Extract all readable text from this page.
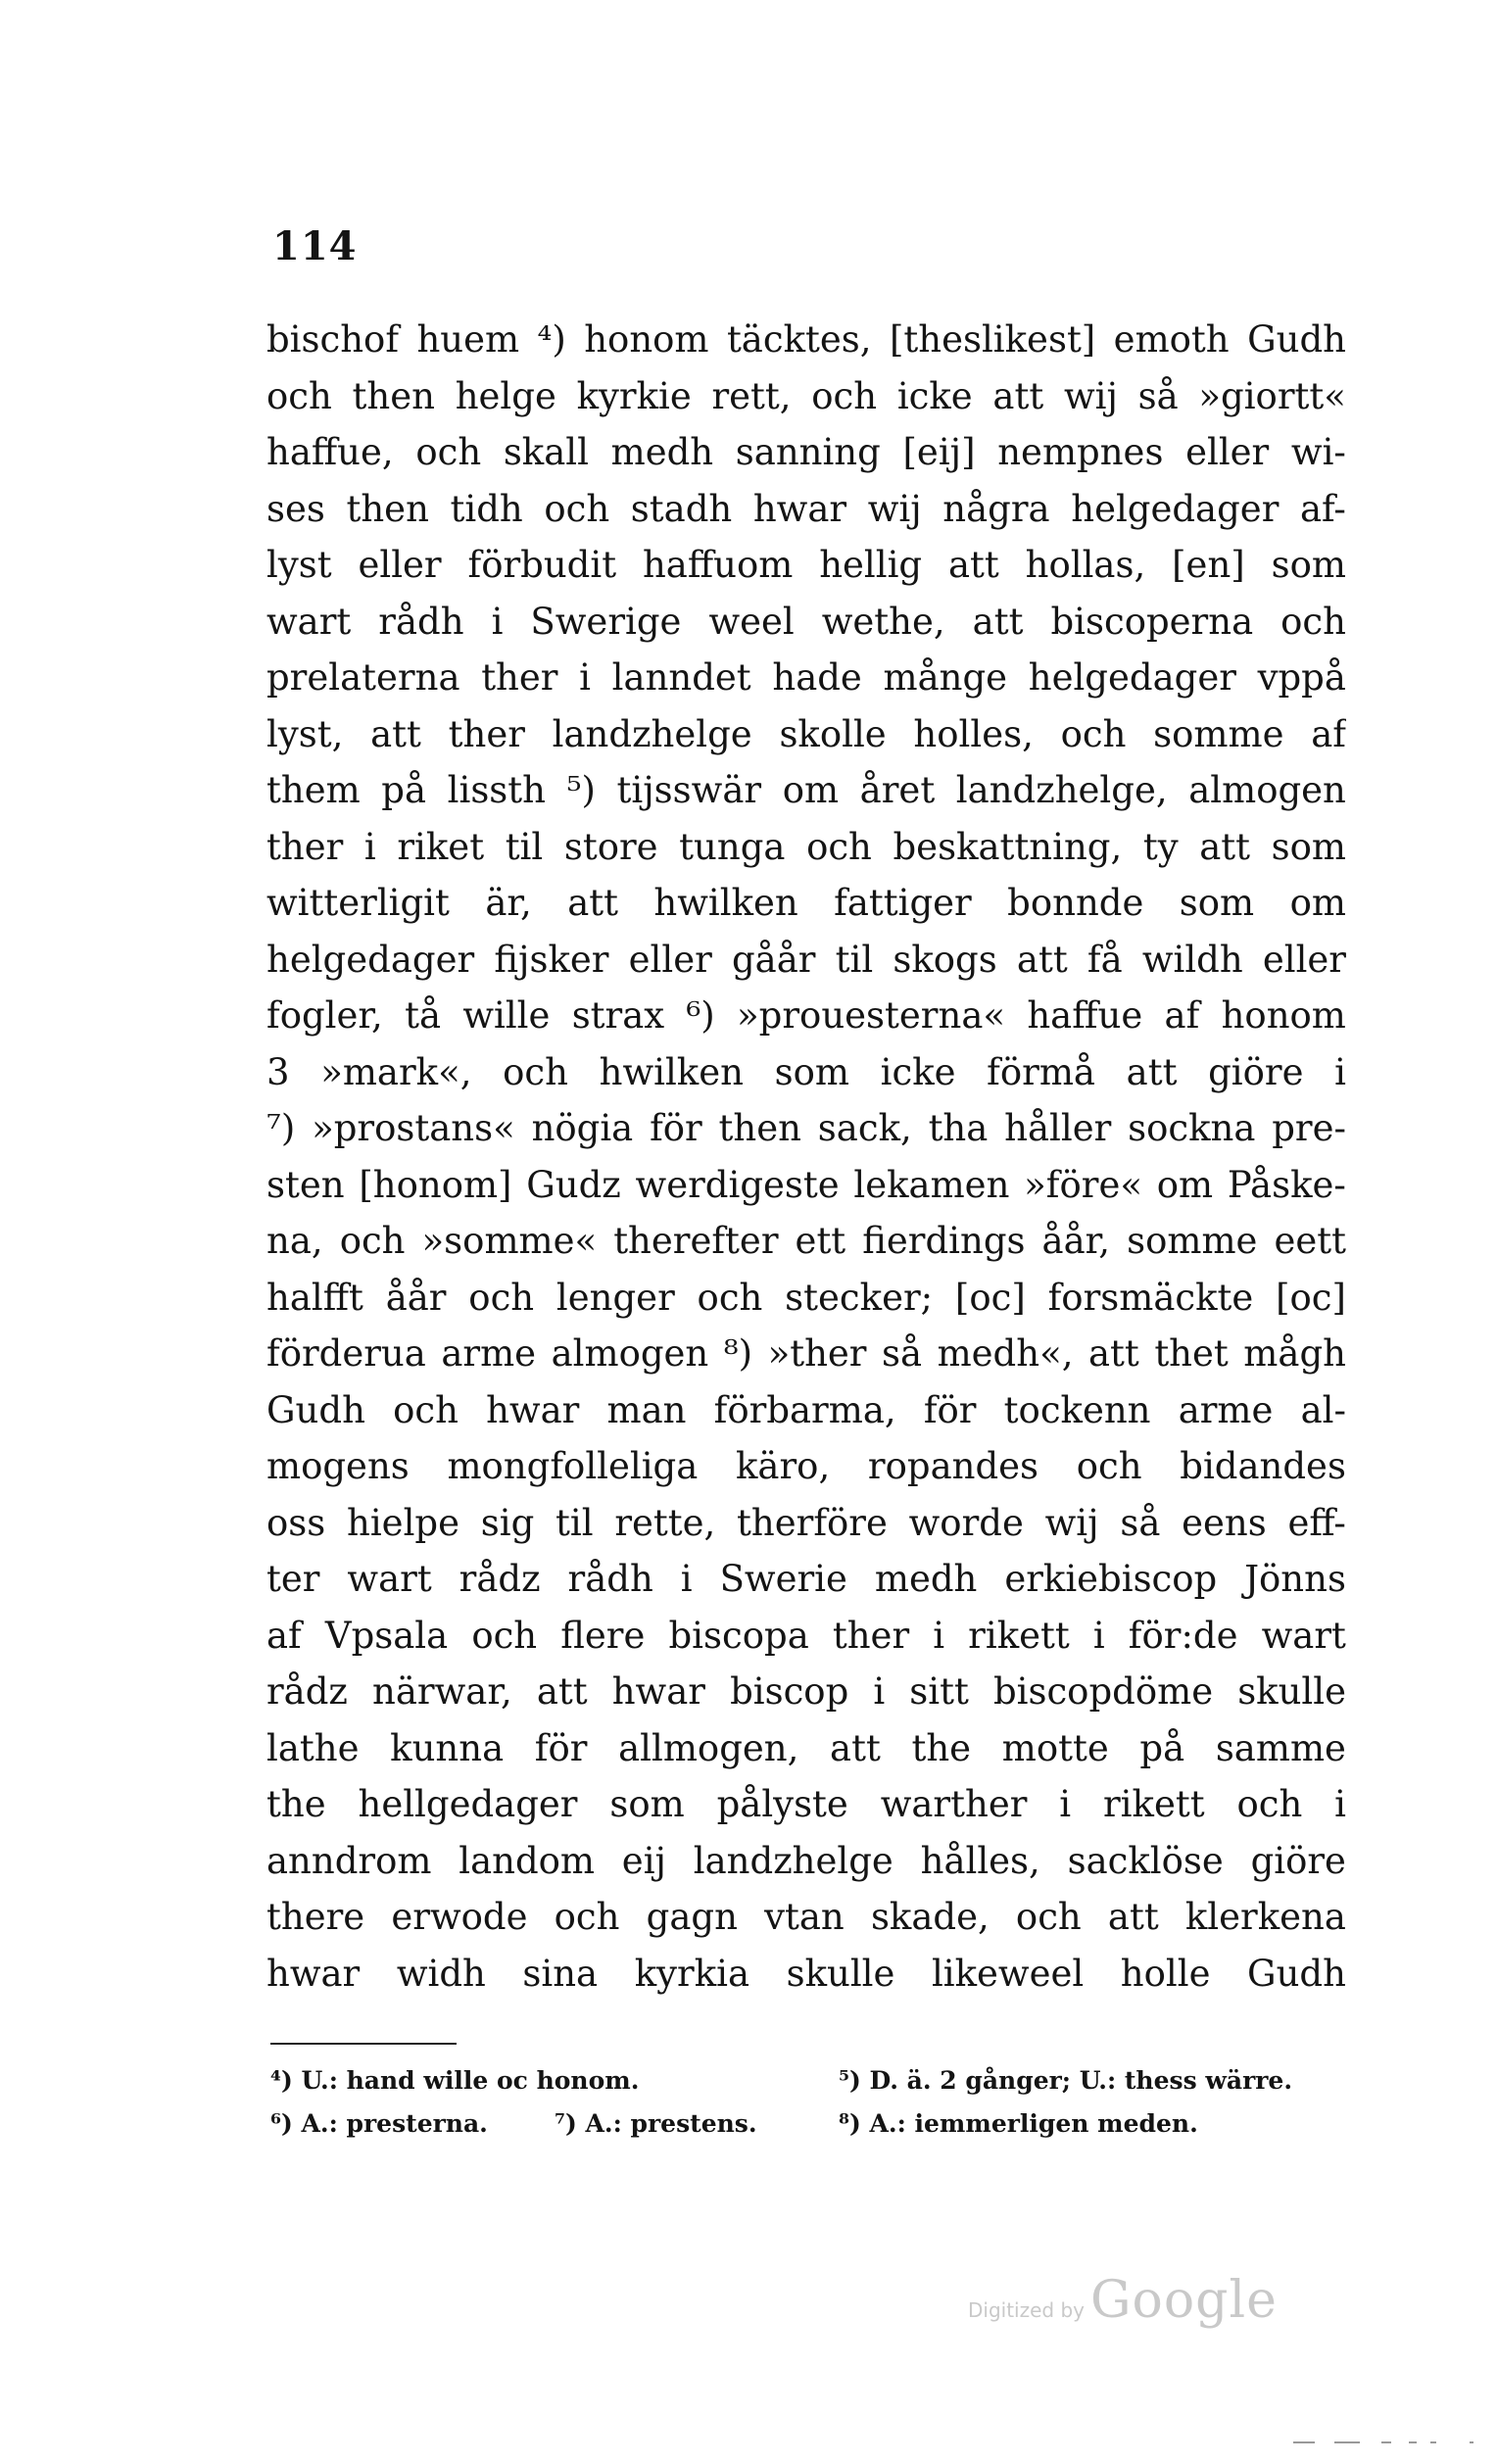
114
bischof huem ⁴) honom täcktes, [theslikest] emoth Gudh
och then helge kyrkie rett, och icke att wij så »giortt«
haffue, och skall medh sanning [eij] nempnes eller wi-
ses then tidh och stadh hwar wij några helgedager af-
lyst eller förbudit haffuom hellig att hollas, [en] som
wart rådh i Swerige weel wethe, att biscoperna och
prelaterna ther i lanndet hade månge helgedager vppå
lyst, att ther landzhelge skolle holles, och somme af
them på lissth ⁵) tijsswär om året landzhelge, almogen
ther i riket til store tunga och beskattning, ty att som
witterligit är, att hwilken fattiger bonnde som om
helgedager fijsker eller gåår til skogs att få wildh eller
fogler, tå wille strax ⁶) »prouesterna« haffue af honom
3 »mark«, och hwilken som icke förmå att giöre i
⁷) »prostans« nögia för then sack, tha håller sockna pre-
sten [honom] Gudz werdigeste lekamen »före« om Påske-
na, och »somme« therefter ett fierdings åår, somme eett
halfft åår och lenger och stecker; [oc] forsmäckte [oc]
förderua arme almogen ⁸) »ther så medh«, att thet mågh
Gudh och hwar man förbarma, för tockenn arme al-
mogens mongfolleliga käro, ropandes och bidandes
oss hielpe sig til rette, therföre worde wij så eens eff-
ter wart rådz rådh i Swerie medh erkiebiscop Jönns
af Vpsala och flere biscopa ther i rikett i för:de wart
rådz närwar, att hwar biscop i sitt biscopdöme skulle
lathe kunna för allmogen, att the motte på samme
the hellgedager som pålyste warther i rikett och i
anndrom landom eij landzhelge hålles, sacklöse giöre
there erwode och gagn vtan skade, och att klerkena
hwar widh sina kyrkia skulle likeweel holle Gudh
⁴) U.: hand wille oc honom.	⁵) D. ä. 2 gånger; U.: thess wärre.
⁶) A.: presterna.	⁷) A.: prestens.	⁸) A.: iemmerligen meden.
Digitized by Google
